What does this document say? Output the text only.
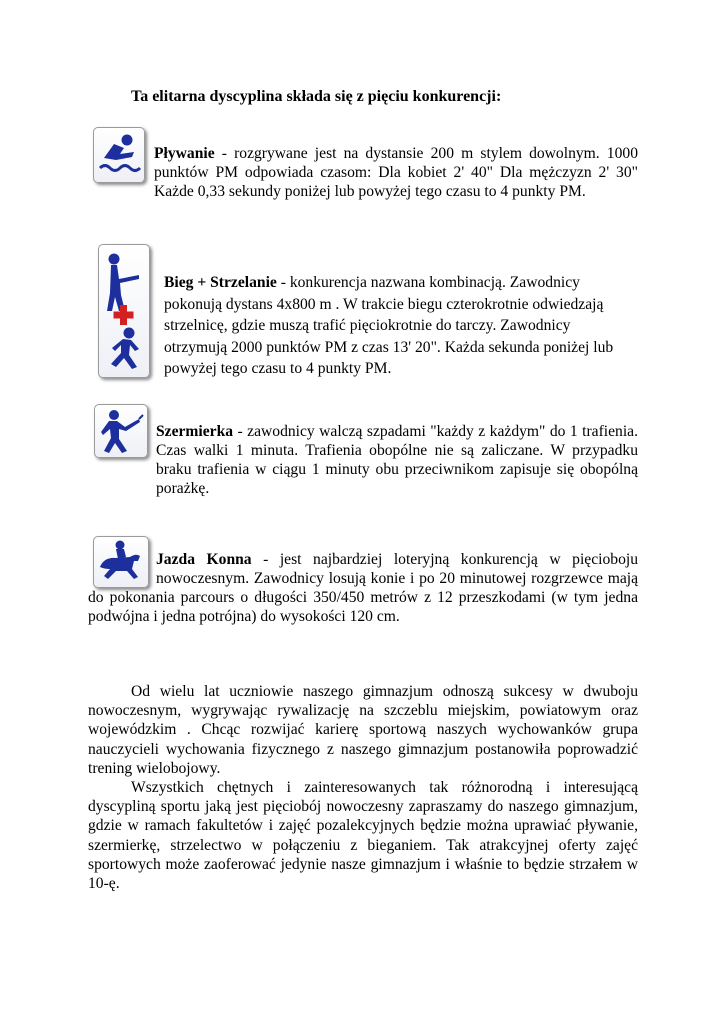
Ta elitarna dyscyplina składa się z pięciu konkurencji:
Pływanie - rozgrywane jest na dystansie 200 m stylem dowolnym. 1000 punktów PM odpowiada czasom: Dla kobiet 2' 40" Dla mężczyzn 2' 30" Każde 0,33 sekundy poniżej lub powyżej tego czasu to 4 punkty PM.
Bieg + Strzelanie - konkurencja nazwana kombinacją. Zawodnicy pokonują dystans 4x800 m . W trakcie biegu czterokrotnie odwiedzają strzelnicę, gdzie muszą trafić pięciokrotnie do tarczy. Zawodnicy otrzymują 2000 punktów PM z czas 13' 20". Każda sekunda poniżej lub powyżej tego czasu to 4 punkty PM.
Szermierka - zawodnicy walczą szpadami "każdy z każdym" do 1 trafienia. Czas walki 1 minuta. Trafienia obopólne nie są zaliczane. W przypadku braku trafienia w ciągu 1 minuty obu przeciwnikom zapisuje się obopólną porażkę.
Jazda Konna - jest najbardziej loteryjną konkurencją w pięcioboju nowoczesnym. Zawodnicy losują konie i po 20 minutowej rozgrzewce mają do pokonania parcours o długości 350/450 metrów z 12 przeszkodami (w tym jedna podwójna i jedna potrójna) do wysokości 120 cm.

Od wielu lat uczniowie naszego gimnazjum odnoszą sukcesy w dwuboju nowoczesnym, wygrywając rywalizację na szczeblu miejskim, powiatowym oraz wojewódzkim . Chcąc rozwijać karierę sportową naszych wychowanków grupa nauczycieli wychowania fizycznego z naszego gimnazjum postanowiła poprowadzić trening wielobojowy.

Wszystkich chętnych i zainteresowanych tak różnorodną i interesującą dyscypliną sportu jaką jest pięciobój nowoczesny zapraszamy do naszego gimnazjum, gdzie w ramach fakultetów i zajęć pozalekcyjnych będzie można uprawiać pływanie, szermierkę, strzelectwo w połączeniu z bieganiem. Tak atrakcyjnej oferty zajęć sportowych może zaoferować jedynie nasze gimnazjum i właśnie to będzie strzałem w 10-ę.
